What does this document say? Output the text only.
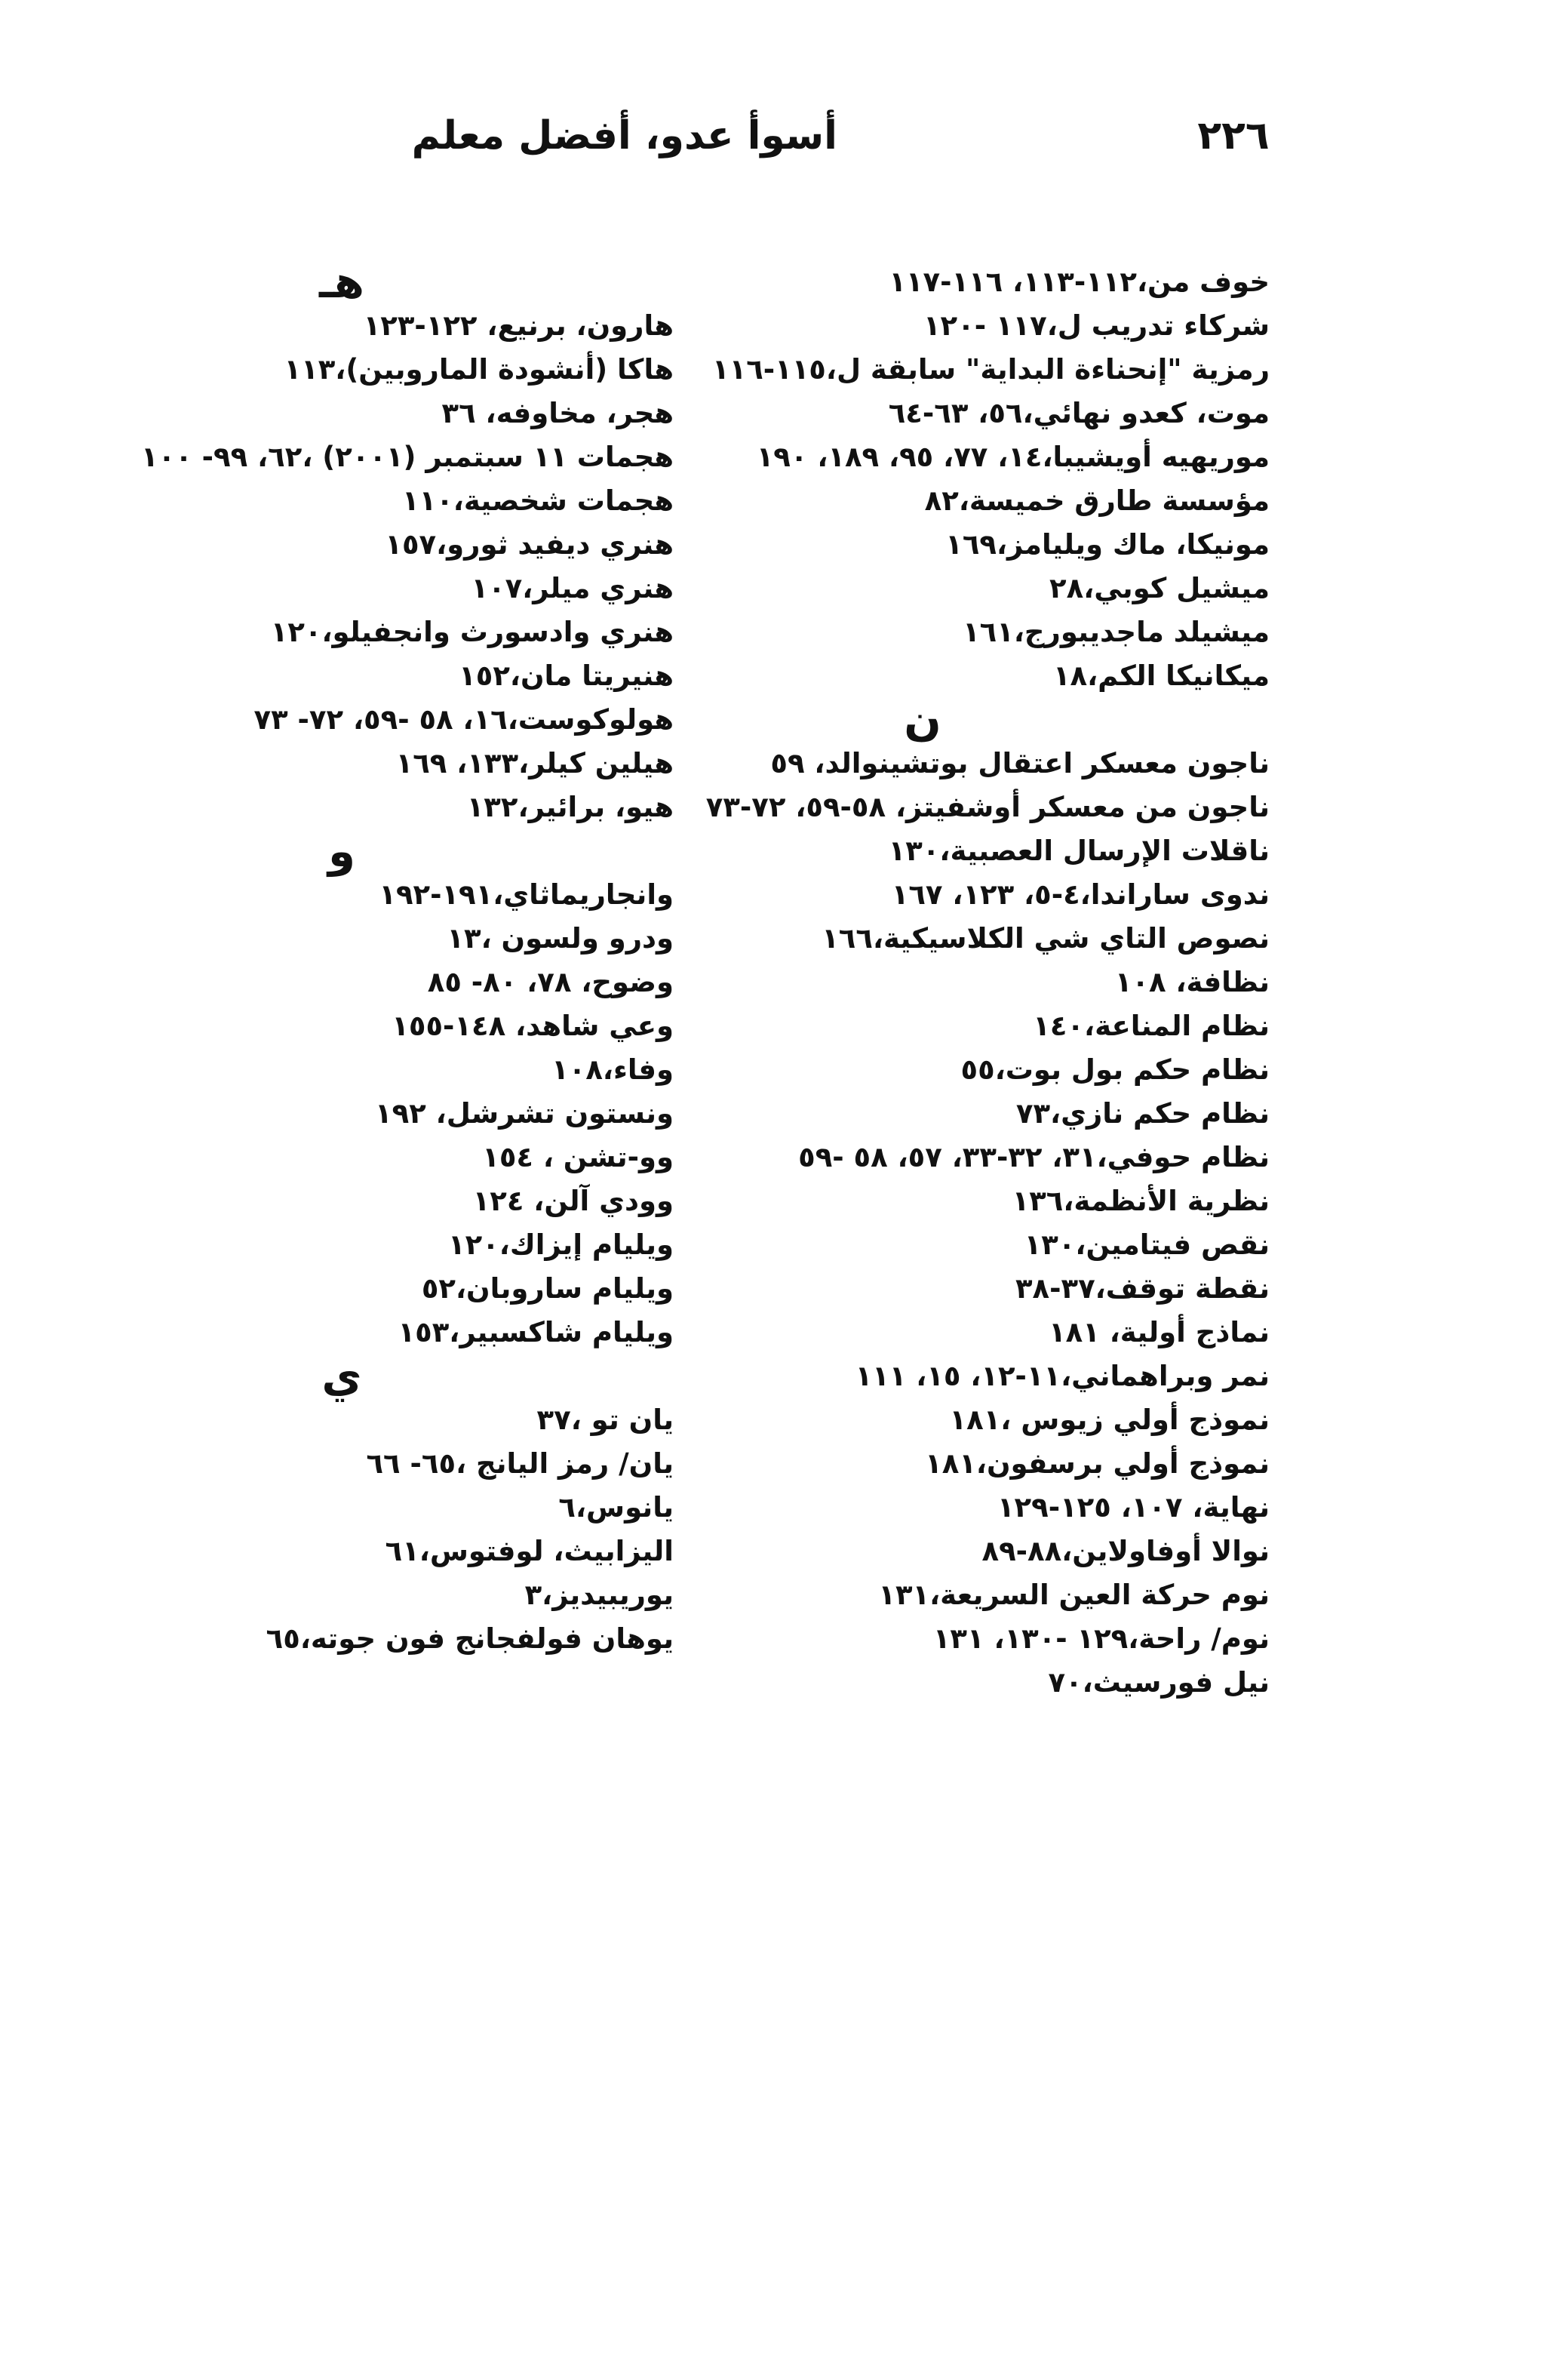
أسوأ عدو، أفضل معلم	٢٢٦
خوف من،١١٢-١١٣، ١١٦-١١٧
شركاء تدريب ل،١١٧ -١٢٠
رمزية "إنحناءة البداية" سابقة ل،١١٥-١١٦
موت، كعدو نهائي،٥٦، ٦٣-٦٤
موريهيه أويشيبا،١٤، ٧٧، ٩٥، ١٨٩، ١٩٠
مؤسسة طارق خميسة،٨٢
مونيكا، ماك ويليامز،١٦٩
ميشيل كوبي،٢٨
ميشيلد ماجديبورج،١٦١
ميكانيكا الكم،١٨
ن
ناجون معسكر اعتقال بوتشينوالد، ٥٩
ناجون من معسكر أوشفيتز، ٥٨-٥٩، ٧٢-٧٣
ناقلات الإرسال العصبية،١٣٠
ندوى ساراندا،٤-٥، ١٢٣، ١٦٧
نصوص التاي شي الكلاسيكية،١٦٦
نظافة، ١٠٨
نظام المناعة،١٤٠
نظام حكم بول بوت،٥٥
نظام حكم نازي،٧٣
نظام حوفي،٣١، ٣٢-٣٣، ٥٧، ٥٨ -٥٩
نظرية الأنظمة،١٣٦
نقص فيتامين،١٣٠
نقطة توقف،٣٧-٣٨
نماذج أولية، ١٨١
نمر وبراهماني،١١-١٢، ١٥، ١١١
نموذج أولي زيوس ،١٨١
نموذج أولي برسفون،١٨١
نهاية، ١٠٧، ١٢٥-١٢٩
نوالا أوفاولاين،٨٨-٨٩
نوم حركة العين السريعة،١٣١
نوم/ راحة،١٢٩ -١٣٠، ١٣١
نيل فورسيث،٧٠
هـ
هارون، برنيع، ١٢٢-١٢٣
هاكا (أنشودة الماروبين)،١١٣
هجر، مخاوفه، ٣٦
هجمات ١١ سبتمبر (٢٠٠١) ،٦٢، ٩٩- ١٠٠
هجمات شخصية،١١٠
هنري ديفيد ثورو،١٥٧
هنري ميلر،١٠٧
هنري وادسورث وانجفيلو،١٢٠
هنيريتا مان،١٥٢
هولوكوست،١٦، ٥٨ -٥٩، ٧٢- ٧٣
هيلين كيلر،١٣٣، ١٦٩
هيو، برائير،١٣٢
و
وانجاريماثاي،١٩١-١٩٢
ودرو ولسون ،١٣
وضوح، ٧٨، ٨٠- ٨٥
وعي شاهد، ١٤٨-١٥٥
وفاء،١٠٨
ونستون تشرشل، ١٩٢
وو-تشن ، ١٥٤
وودي آلن، ١٢٤
ويليام إيزاك،١٢٠
ويليام ساروبان،٥٢
ويليام شاكسبير،١٥٣
ي
يان تو ،٣٧
يان/ رمز اليانج ،٦٥- ٦٦
يانوس،٦
اليزابيث، لوفتوس،٦١
يوريبيديز،٣
يوهان فولفجانج فون جوته،٦٥
